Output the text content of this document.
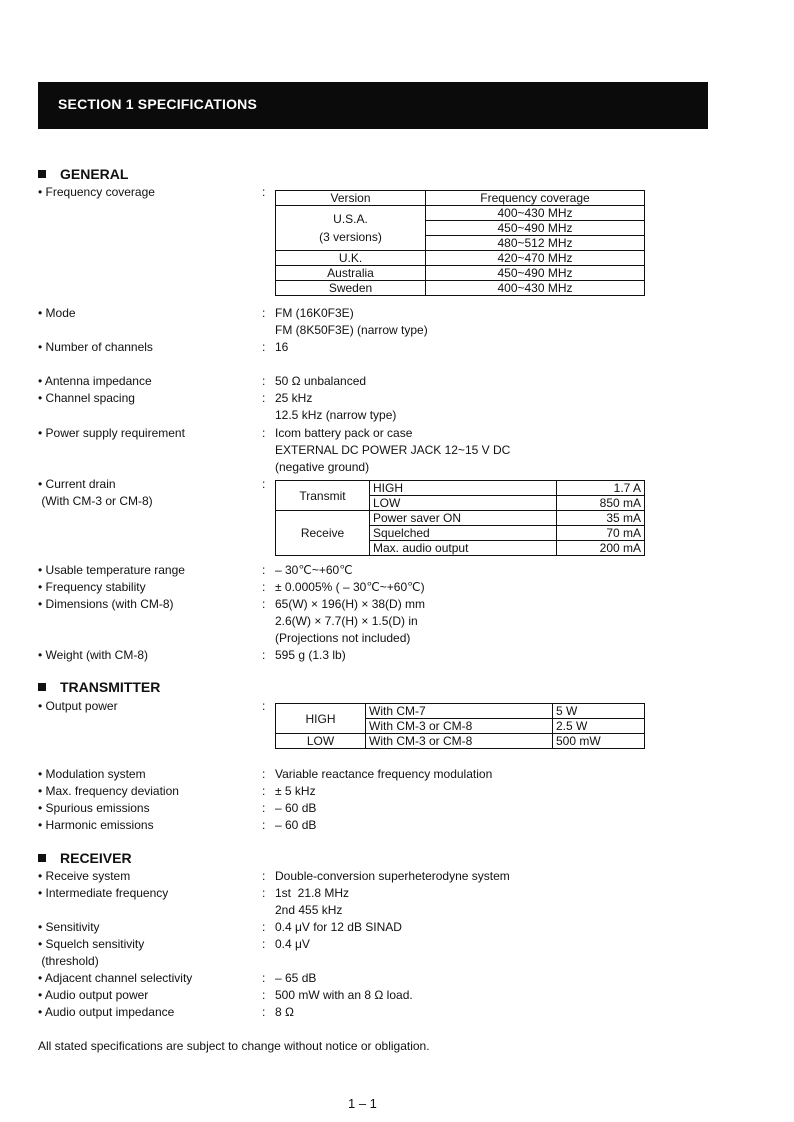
SECTION 1 SPECIFICATIONS
GENERAL
• Frequency coverage	:	Version	Frequency coverage

U.S.A.
(3 versions)	400~430 MHz
	450~490 MHz
	480~512 MHz
U.K.	420~470 MHz
Australia	450~490 MHz
Sweden	400~430 MHz
• Mode	: FM (16K0F3E)
FM (8K50F3E) (narrow type)
• Number of channels	: 16
• Antenna impedance	: 50 Ω unbalanced
• Channel spacing	: 25 kHz
12.5 kHz (narrow type)
• Power supply requirement	: Icom battery pack or case
EXTERNAL DC POWER JACK 12~15 V DC
(negative ground)
• Current drain
(With CM-3 or CM-8)
:
Transmit	HIGH	1.7 A
	LOW	850 mA
Receive	Power saver ON	35 mA
	Squelched	70 mA
	Max. audio output	200 mA
• Usable temperature range	: – 30℃~+60℃
• Frequency stability	: ± 0.0005% ( – 30℃~+60℃)
• Dimensions (with CM-8)	: 65(W) × 196(H) × 38(D) mm
2.6(W) × 7.7(H) × 1.5(D) in
(Projections not included)
• Weight (with CM-8)	: 595 g (1.3 lb)
TRANSMITTER
• Output power	:
HIGH	With CM-7	5 W
	With CM-3 or CM-8	2.5 W
LOW	With CM-3 or CM-8	500 mW
• Modulation system	: Variable reactance frequency modulation
• Max. frequency deviation	: ± 5 kHz
• Spurious emissions	: – 60 dB
• Harmonic emissions	: – 60 dB
RECEIVER
• Receive system	: Double-conversion superheterodyne system
• Intermediate frequency	: 1st  21.8 MHz
2nd 455 kHz
• Sensitivity	: 0.4 μV for 12 dB SINAD
• Squelch sensitivity
(threshold)
: 0.4 μV
• Adjacent channel selectivity	: – 65 dB
• Audio output power	: 500 mW with an 8 Ω load.
• Audio output impedance	: 8 Ω
All stated specifications are subject to change without notice or obligation.
1 – 1
